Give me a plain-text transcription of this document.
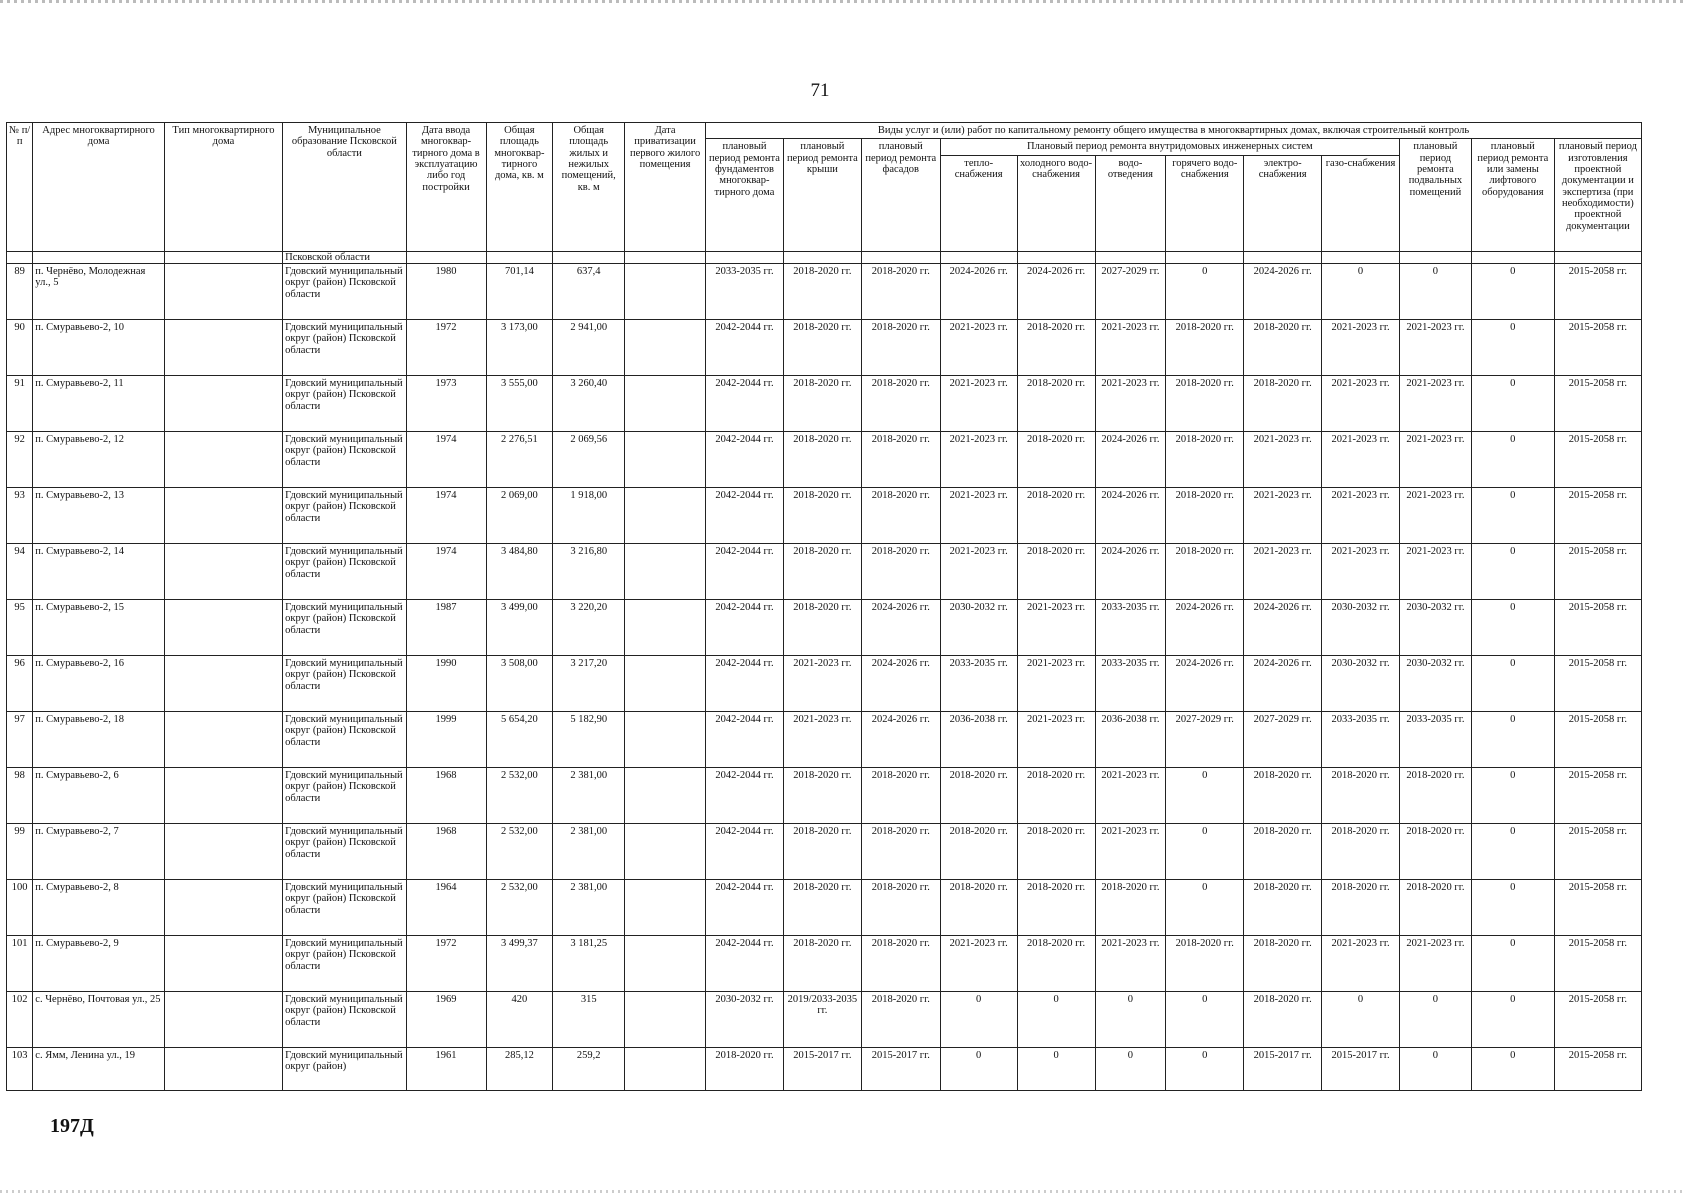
71
№ п/п	Адрес многоквартирного дома	Тип многоквартирного дома	Муниципальное образование Псковской области	Дата ввода многоквар-тирного дома в эксплуатацию либо год постройки	Общая площадь многоквар-тирного дома, кв. м	Общая площадь жилых и нежилых помещений, кв. м	Дата приватизации первого жилого помещения	Виды услуг и (или) работ по капитальному ремонту общего имущества в многоквартирных домах, включая строительный контроль											
								плановый период ремонта фундаментов многоквар-тирного дома	плановый период ремонта крыши	плановый период ремонта фасадов	Плановый период ремонта внутридомовых инженерных систем						плановый период ремонта подвальных помещений	плановый период ремонта или замены лифтового оборудования	плановый период изготовления проектной документации и экспертиза (при необходимости) проектной документации
											тепло-снабжения	холодного водо-снабжения	водо-отведения	горячего водо-снабжения	электро-снабжения	газо-снабжения			
			Псковской области																
89	п. Чернёво, Молодежная ул., 5		Гдовский муниципальный округ (район) Псковской области	1980	701,14	637,4		2033-2035 гг.	2018-2020 гг.	2018-2020 гг.	2024-2026 гг.	2024-2026 гг.	2027-2029 гг.	0	2024-2026 гг.	0	0	0	2015-2058 гг.
90	п. Смуравьево-2, 10		Гдовский муниципальный округ (район) Псковской области	1972	3 173,00	2 941,00		2042-2044 гг.	2018-2020 гг.	2018-2020 гг.	2021-2023 гг.	2018-2020 гг.	2021-2023 гг.	2018-2020 гг.	2018-2020 гг.	2021-2023 гг.	2021-2023 гг.	0	2015-2058 гг.
91	п. Смуравьево-2, 11		Гдовский муниципальный округ (район) Псковской области	1973	3 555,00	3 260,40		2042-2044 гг.	2018-2020 гг.	2018-2020 гг.	2021-2023 гг.	2018-2020 гг.	2021-2023 гг.	2018-2020 гг.	2018-2020 гг.	2021-2023 гг.	2021-2023 гг.	0	2015-2058 гг.
92	п. Смуравьево-2, 12		Гдовский муниципальный округ (район) Псковской области	1974	2 276,51	2 069,56		2042-2044 гг.	2018-2020 гг.	2018-2020 гг.	2021-2023 гг.	2018-2020 гг.	2024-2026 гг.	2018-2020 гг.	2021-2023 гг.	2021-2023 гг.	2021-2023 гг.	0	2015-2058 гг.
93	п. Смуравьево-2, 13		Гдовский муниципальный округ (район) Псковской области	1974	2 069,00	1 918,00		2042-2044 гг.	2018-2020 гг.	2018-2020 гг.	2021-2023 гг.	2018-2020 гг.	2024-2026 гг.	2018-2020 гг.	2021-2023 гг.	2021-2023 гг.	2021-2023 гг.	0	2015-2058 гг.
94	п. Смуравьево-2, 14		Гдовский муниципальный округ (район) Псковской области	1974	3 484,80	3 216,80		2042-2044 гг.	2018-2020 гг.	2018-2020 гг.	2021-2023 гг.	2018-2020 гг.	2024-2026 гг.	2018-2020 гг.	2021-2023 гг.	2021-2023 гг.	2021-2023 гг.	0	2015-2058 гг.
95	п. Смуравьево-2, 15		Гдовский муниципальный округ (район) Псковской области	1987	3 499,00	3 220,20		2042-2044 гг.	2018-2020 гг.	2024-2026 гг.	2030-2032 гг.	2021-2023 гг.	2033-2035 гг.	2024-2026 гг.	2024-2026 гг.	2030-2032 гг.	2030-2032 гг.	0	2015-2058 гг.
96	п. Смуравьево-2, 16		Гдовский муниципальный округ (район) Псковской области	1990	3 508,00	3 217,20		2042-2044 гг.	2021-2023 гг.	2024-2026 гг.	2033-2035 гг.	2021-2023 гг.	2033-2035 гг.	2024-2026 гг.	2024-2026 гг.	2030-2032 гг.	2030-2032 гг.	0	2015-2058 гг.
97	п. Смуравьево-2, 18		Гдовский муниципальный округ (район) Псковской области	1999	5 654,20	5 182,90		2042-2044 гг.	2021-2023 гг.	2024-2026 гг.	2036-2038 гг.	2021-2023 гг.	2036-2038 гг.	2027-2029 гг.	2027-2029 гг.	2033-2035 гг.	2033-2035 гг.	0	2015-2058 гг.
98	п. Смуравьево-2, 6		Гдовский муниципальный округ (район) Псковской области	1968	2 532,00	2 381,00		2042-2044 гг.	2018-2020 гг.	2018-2020 гг.	2018-2020 гг.	2018-2020 гг.	2021-2023 гг.	0	2018-2020 гг.	2018-2020 гг.	2018-2020 гг.	0	2015-2058 гг.
99	п. Смуравьево-2, 7		Гдовский муниципальный округ (район) Псковской области	1968	2 532,00	2 381,00		2042-2044 гг.	2018-2020 гг.	2018-2020 гг.	2018-2020 гг.	2018-2020 гг.	2021-2023 гг.	0	2018-2020 гг.	2018-2020 гг.	2018-2020 гг.	0	2015-2058 гг.
100	п. Смуравьево-2, 8		Гдовский муниципальный округ (район) Псковской области	1964	2 532,00	2 381,00		2042-2044 гг.	2018-2020 гг.	2018-2020 гг.	2018-2020 гг.	2018-2020 гг.	2018-2020 гг.	0	2018-2020 гг.	2018-2020 гг.	2018-2020 гг.	0	2015-2058 гг.
101	п. Смуравьево-2, 9		Гдовский муниципальный округ (район) Псковской области	1972	3 499,37	3 181,25		2042-2044 гг.	2018-2020 гг.	2018-2020 гг.	2021-2023 гг.	2018-2020 гг.	2021-2023 гг.	2018-2020 гг.	2018-2020 гг.	2021-2023 гг.	2021-2023 гг.	0	2015-2058 гг.
102	с. Чернёво, Почтовая ул., 25		Гдовский муниципальный округ (район) Псковской области	1969	420	315		2030-2032 гг.	2019/2033-2035 гг.	2018-2020 гг.	0	0	0	0	2018-2020 гг.	0	0	0	2015-2058 гг.
103	с. Ямм, Ленина ул., 19		Гдовский муниципальный округ (район)	1961	285,12	259,2		2018-2020 гг.	2015-2017 гг.	2015-2017 гг.	0	0	0	0	2015-2017 гг.	2015-2017 гг.	0	0	2015-2058 гг.
197Д
